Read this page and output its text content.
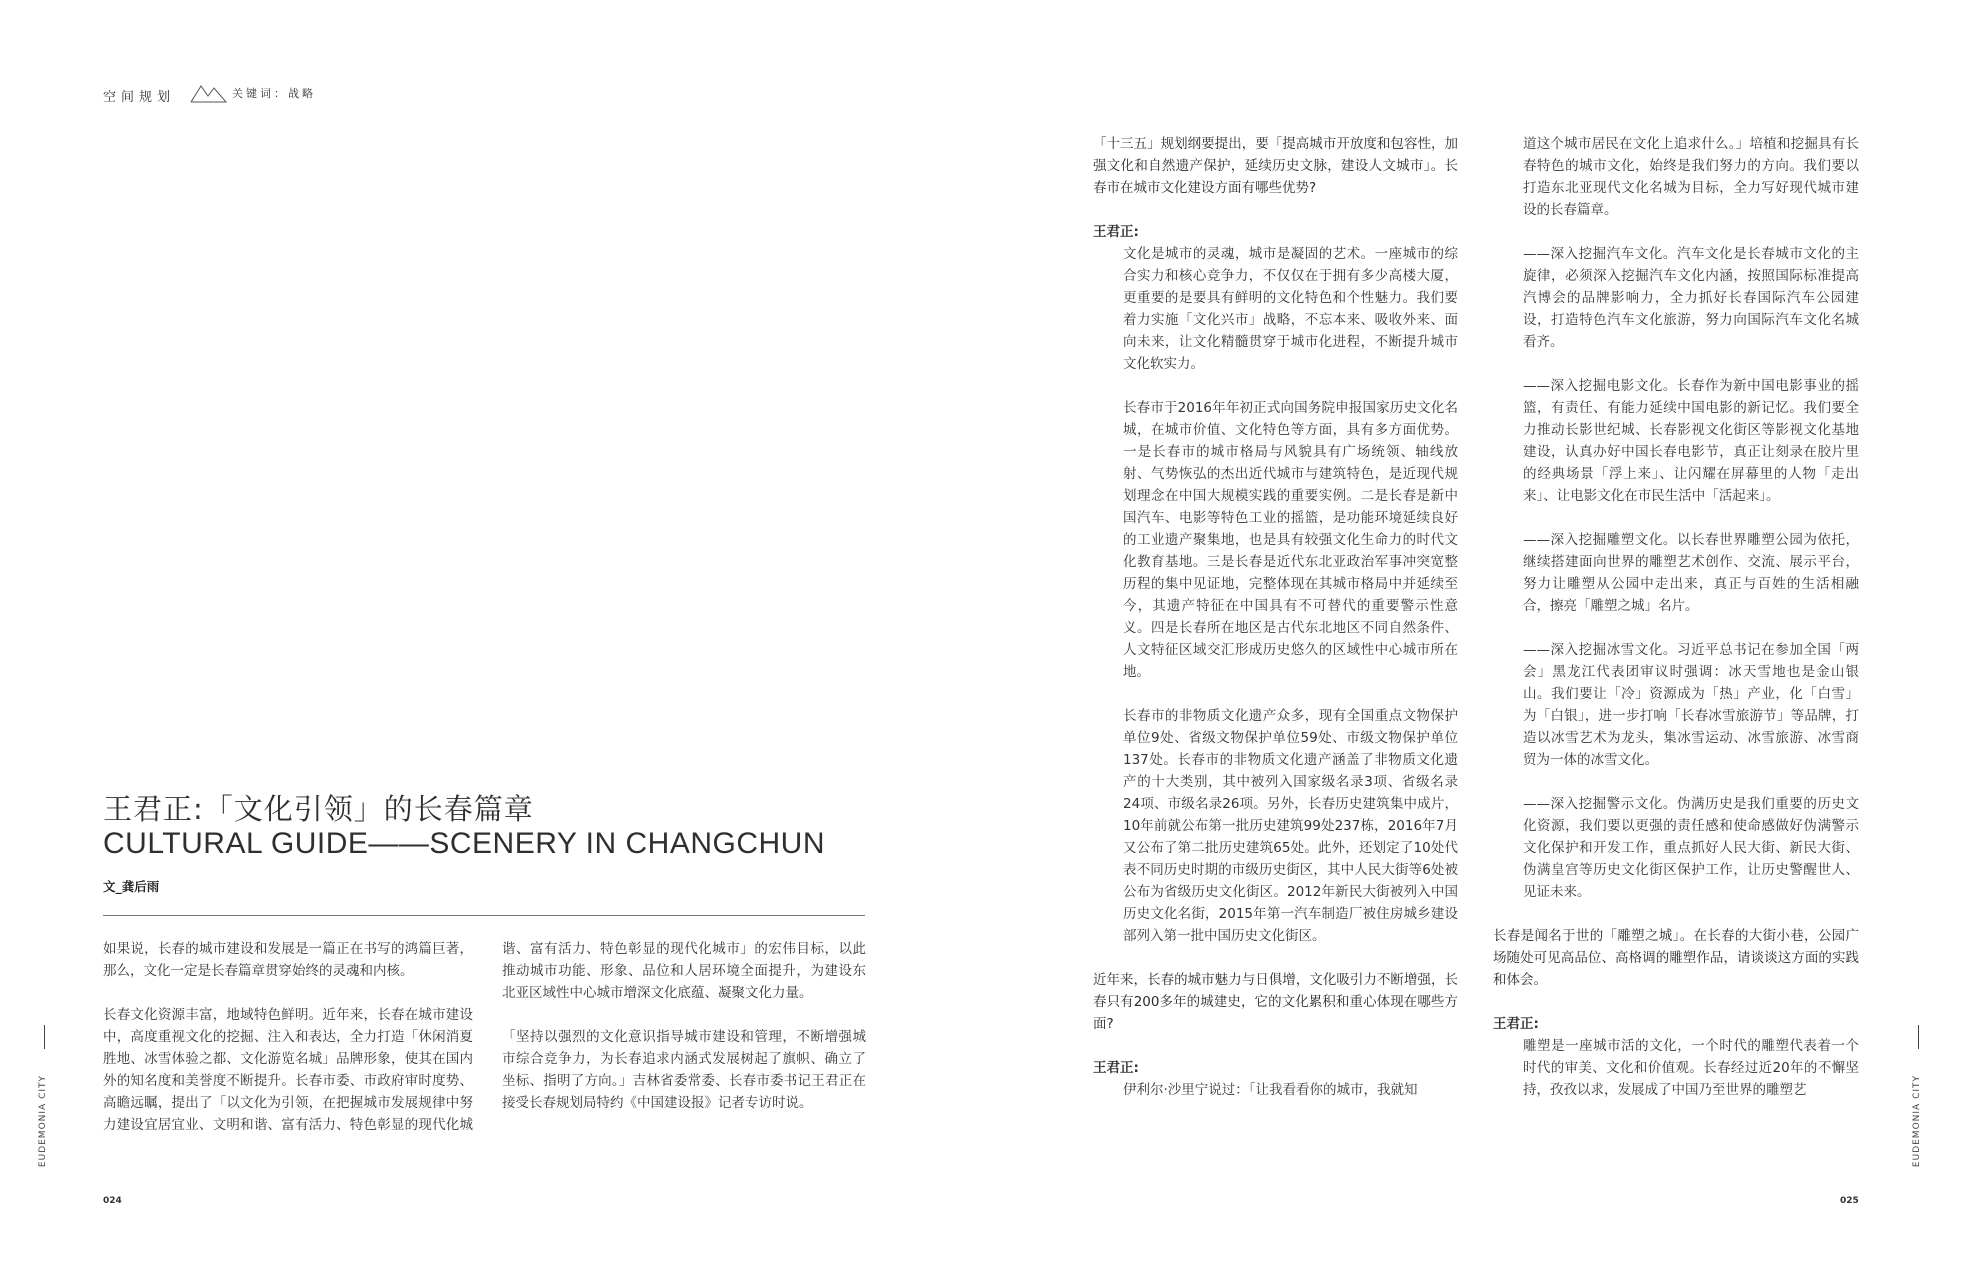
空间规划	关键词：战略
王君正:「文化引领」的长春篇章
CULTURAL GUIDE——SCENERY IN CHANGCHUN
文_龚后雨

如果说，长春的城市建设和发展是一篇正在书写的鸿篇巨著，那么，文化一定是长春篇章贯穿始终的灵魂和内核。

长春文化资源丰富，地域特色鲜明。近年来，长春在城市建设中，高度重视文化的挖掘、注入和表达，全力打造「休闲消夏胜地、冰雪体验之都、文化游览名城」品牌形象，使其在国内外的知名度和美誉度不断提升。长春市委、市政府审时度势、高瞻远瞩，提出了「以文化为引领，在把握城市发展规律中努力建设宜居宜业、文明和谐、富有活力、特色彰显的现代化城

谐、富有活力、特色彰显的现代化城市」的宏伟目标，以此推动城市功能、形象、品位和人居环境全面提升，为建设东北亚区域性中心城市增深文化底蕴、凝聚文化力量。

「坚持以强烈的文化意识指导城市建设和管理，不断增强城市综合竞争力，为长春追求内涵式发展树起了旗帜、确立了坐标、指明了方向。」吉林省委常委、长春市委书记王君正在接受长春规划局特约《中国建设报》记者专访时说。

「十三五」规划纲要提出，要「提高城市开放度和包容性，加强文化和自然遗产保护，延续历史文脉，建设人文城市」。长春市在城市文化建设方面有哪些优势?

王君正:

文化是城市的灵魂，城市是凝固的艺术。一座城市的综合实力和核心竞争力，不仅仅在于拥有多少高楼大厦，更重要的是要具有鲜明的文化特色和个性魅力。我们要着力实施「文化兴市」战略，不忘本来、吸收外来、面向未来，让文化精髓贯穿于城市化进程，不断提升城市文化软实力。

长春市于2016年年初正式向国务院申报国家历史文化名城，在城市价值、文化特色等方面，具有多方面优势。一是长春市的城市格局与风貌具有广场统领、轴线放射、气势恢弘的杰出近代城市与建筑特色，是近现代规划理念在中国大规模实践的重要实例。二是长春是新中国汽车、电影等特色工业的摇篮，是功能环境延续良好的工业遗产聚集地，也是具有较强文化生命力的时代文化教育基地。三是长春是近代东北亚政治军事冲突宽整历程的集中见证地，完整体现在其城市格局中并延续至今，其遗产特征在中国具有不可替代的重要警示性意义。四是长春所在地区是古代东北地区不同自然条件、人文特征区域交汇形成历史悠久的区域性中心城市所在地。

长春市的非物质文化遗产众多，现有全国重点文物保护单位9处、省级文物保护单位59处、市级文物保护单位137处。长春市的非物质文化遗产涵盖了非物质文化遗产的十大类别，其中被列入国家级名录3项、省级名录24项、市级名录26项。另外，长春历史建筑集中成片，10年前就公布第一批历史建筑99处237栋，2016年7月又公布了第二批历史建筑65处。此外，还划定了10处代表不同历史时期的市级历史街区，其中人民大街等6处被公布为省级历史文化街区。2012年新民大街被列入中国历史文化名街，2015年第一汽车制造厂被住房城乡建设部列入第一批中国历史文化街区。

近年来，长春的城市魅力与日俱增，文化吸引力不断增强，长春只有200多年的城建史，它的文化累积和重心体现在哪些方面?

王君正:

伊利尔·沙里宁说过：「让我看看你的城市，我就知

道这个城市居民在文化上追求什么。」培植和挖掘具有长春特色的城市文化，始终是我们努力的方向。我们要以打造东北亚现代文化名城为目标，全力写好现代城市建设的长春篇章。

——深入挖掘汽车文化。汽车文化是长春城市文化的主旋律，必须深入挖掘汽车文化内涵，按照国际标准提高汽博会的品牌影响力，全力抓好长春国际汽车公园建设，打造特色汽车文化旅游，努力向国际汽车文化名城看齐。

——深入挖掘电影文化。长春作为新中国电影事业的摇篮，有责任、有能力延续中国电影的新记忆。我们要全力推动长影世纪城、长春影视文化街区等影视文化基地建设，认真办好中国长春电影节，真正让刻录在胶片里的经典场景「浮上来」、让闪耀在屏幕里的人物「走出来」、让电影文化在市民生活中「活起来」。

——深入挖掘雕塑文化。以长春世界雕塑公园为依托，继续搭建面向世界的雕塑艺术创作、交流、展示平台，努力让雕塑从公园中走出来，真正与百姓的生活相融合，擦亮「雕塑之城」名片。

——深入挖掘冰雪文化。习近平总书记在参加全国「两会」黑龙江代表团审议时强调：冰天雪地也是金山银山。我们要让「冷」资源成为「热」产业，化「白雪」为「白银」，进一步打响「长春冰雪旅游节」等品牌，打造以冰雪艺术为龙头，集冰雪运动、冰雪旅游、冰雪商贸为一体的冰雪文化。

——深入挖掘警示文化。伪满历史是我们重要的历史文化资源，我们要以更强的责任感和使命感做好伪满警示文化保护和开发工作，重点抓好人民大街、新民大街、伪满皇宫等历史文化街区保护工作，让历史警醒世人、见证未来。

长春是闻名于世的「雕塑之城」。在长春的大街小巷，公园广场随处可见高品位、高格调的雕塑作品，请谈谈这方面的实践和体会。

王君正:

雕塑是一座城市活的文化，一个时代的雕塑代表着一个时代的审美、文化和价值观。长春经过近20年的不懈坚持，孜孜以求，发展成了中国乃至世界的雕塑艺

EUDEMONIA CITY	EUDEMONIA CITY
024	025
